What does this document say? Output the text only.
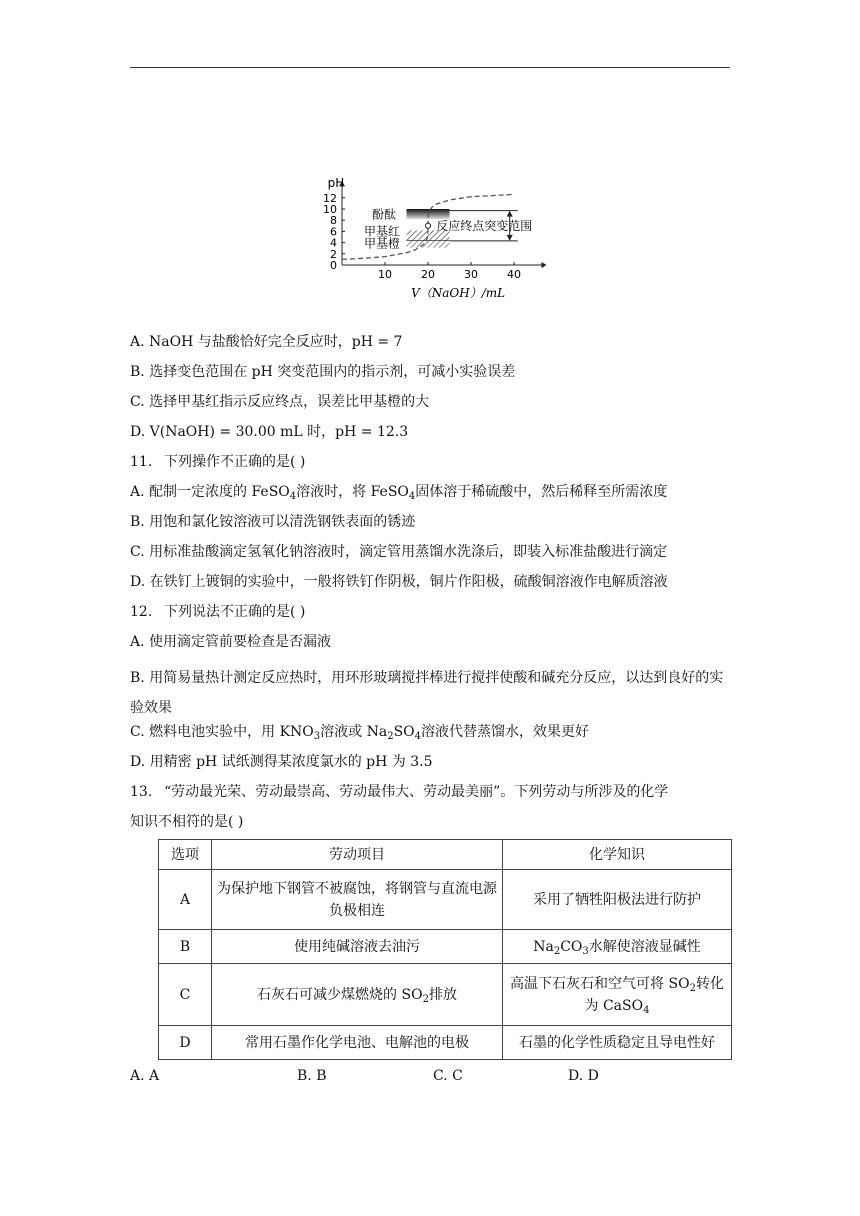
10	20	30	40
0
2
4
6
8
10
12
pH
V（NaOH）/mL
酚酞
甲基红
甲基橙
反应终点突变范围
A. NaOH 与盐酸恰好完全反应时，pH = 7
B. 选择变色范围在 pH 突变范围内的指示剂，可减小实验误差
C. 选择甲基红指示反应终点，误差比甲基橙的大
D. V(NaOH) = 30.00 mL 时，pH = 12.3
11. 下列操作不正确的是( )
A. 配制一定浓度的 FeSO$_4$溶液时，将 FeSO$_4$固体溶于稀硫酸中，然后稀释至所需浓度
B. 用饱和氯化铵溶液可以清洗钢铁表面的锈迹
C. 用标准盐酸滴定氢氧化钠溶液时，滴定管用蒸馏水洗涤后，即装入标准盐酸进行滴定
D. 在铁钉上镀铜的实验中，一般将铁钉作阴极，铜片作阳极，硫酸铜溶液作电解质溶液
12. 下列说法不正确的是( )
A. 使用滴定管前要检查是否漏液
B. 用简易量热计测定反应热时，用环形玻璃搅拌棒进行搅拌使酸和碱充分反应，以达到良好的实验效果
C. 燃料电池实验中，用 $KNO_3$溶液或 $Na_2SO_4$溶液代替蒸馏水，效果更好
D. 用精密 pH 试纸测得某浓度氯水的 pH 为 3.5
13. “劳动最光荣、劳动最崇高、劳动最伟大、劳动最美丽”。下列劳动与所涉及的化学
知识不相符的是( )
选项	劳动项目	化学知识
A	为保护地下钢管不被腐蚀，将钢管与直流电源负极相连	采用了牺牲阳极法进行防护
B	使用纯碱溶液去油污	$Na_2CO_3$水解使溶液显碱性
C	石灰石可减少煤燃烧的 $SO_2$排放	高温下石灰石和空气可将 $SO_2$转化为 CaSO$_4$
D	常用石墨作化学电池、电解池的电极	石墨的化学性质稳定且导电性好
A. A	B. B	C. C	D. D
